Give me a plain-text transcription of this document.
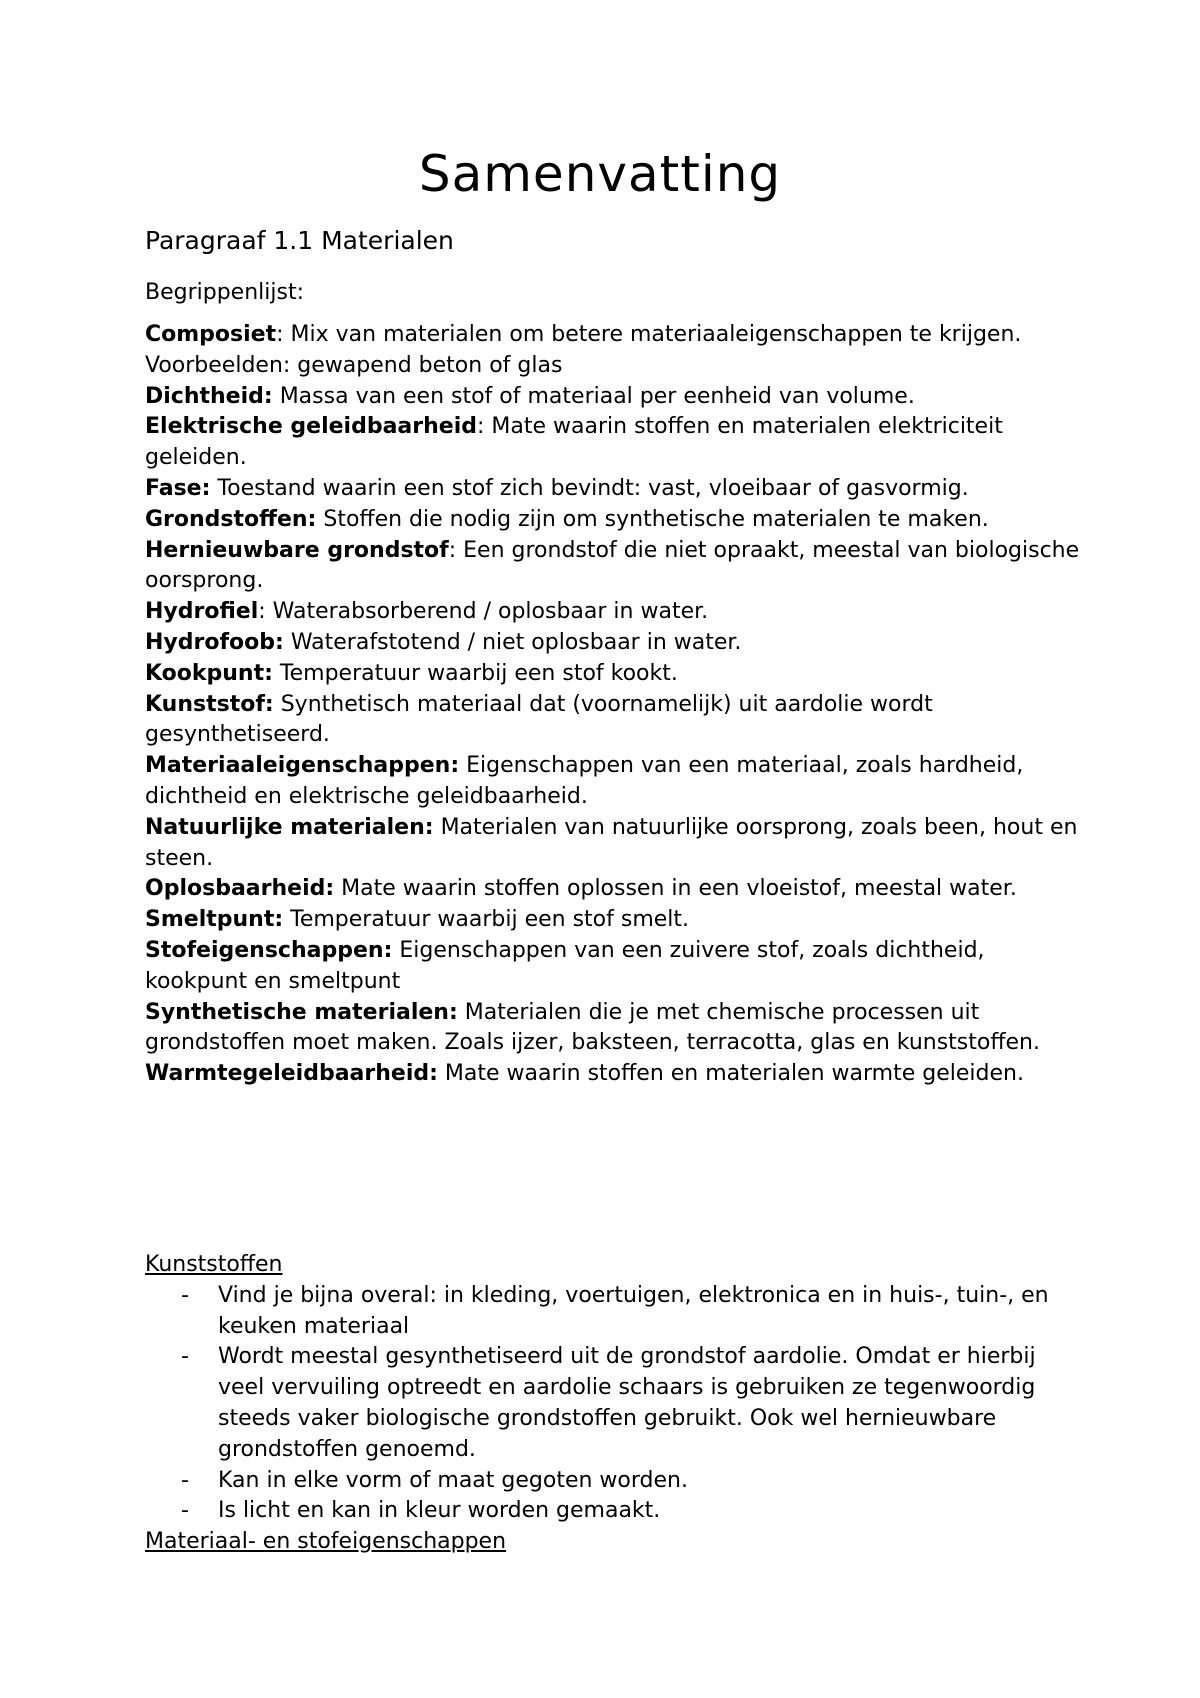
Samenvatting
Paragraaf 1.1 Materialen

Begrippenlijst:

Composiet: Mix van materialen om betere materiaaleigenschappen te krijgen. Voorbeelden: gewapend beton of glas

Dichtheid: Massa van een stof of materiaal per eenheid van volume.

Elektrische geleidbaarheid: Mate waarin stoffen en materialen elektriciteit geleiden.

Fase: Toestand waarin een stof zich bevindt: vast, vloeibaar of gasvormig.

Grondstoffen: Stoffen die nodig zijn om synthetische materialen te maken.

Hernieuwbare grondstof: Een grondstof die niet opraakt, meestal van biologische oorsprong.

Hydrofiel: Waterabsorberend / oplosbaar in water.

Hydrofoob: Waterafstotend / niet oplosbaar in water.

Kookpunt: Temperatuur waarbij een stof kookt.

Kunststof: Synthetisch materiaal dat (voornamelijk) uit aardolie wordt gesynthetiseerd.

Materiaaleigenschappen: Eigenschappen van een materiaal, zoals hardheid, dichtheid en elektrische geleidbaarheid.

Natuurlijke materialen: Materialen van natuurlijke oorsprong, zoals been, hout en steen.

Oplosbaarheid: Mate waarin stoffen oplossen in een vloeistof, meestal water.

Smeltpunt: Temperatuur waarbij een stof smelt.

Stofeigenschappen: Eigenschappen van een zuivere stof, zoals dichtheid, kookpunt en smeltpunt

Synthetische materialen: Materialen die je met chemische processen uit grondstoffen moet maken. Zoals ijzer, baksteen, terracotta, glas en kunststoffen.

Warmtegeleidbaarheid: Mate waarin stoffen en materialen warmte geleiden.

Kunststoffen

- Vind je bijna overal: in kleding, voertuigen, elektronica en in huis-, tuin-, en keuken materiaal
- Wordt meestal gesynthetiseerd uit de grondstof aardolie. Omdat er hierbij veel vervuiling optreedt en aardolie schaars is gebruiken ze tegenwoordig steeds vaker biologische grondstoffen gebruikt. Ook wel hernieuwbare grondstoffen genoemd.
- Kan in elke vorm of maat gegoten worden.
- Is licht en kan in kleur worden gemaakt.

Materiaal- en stofeigenschappen
